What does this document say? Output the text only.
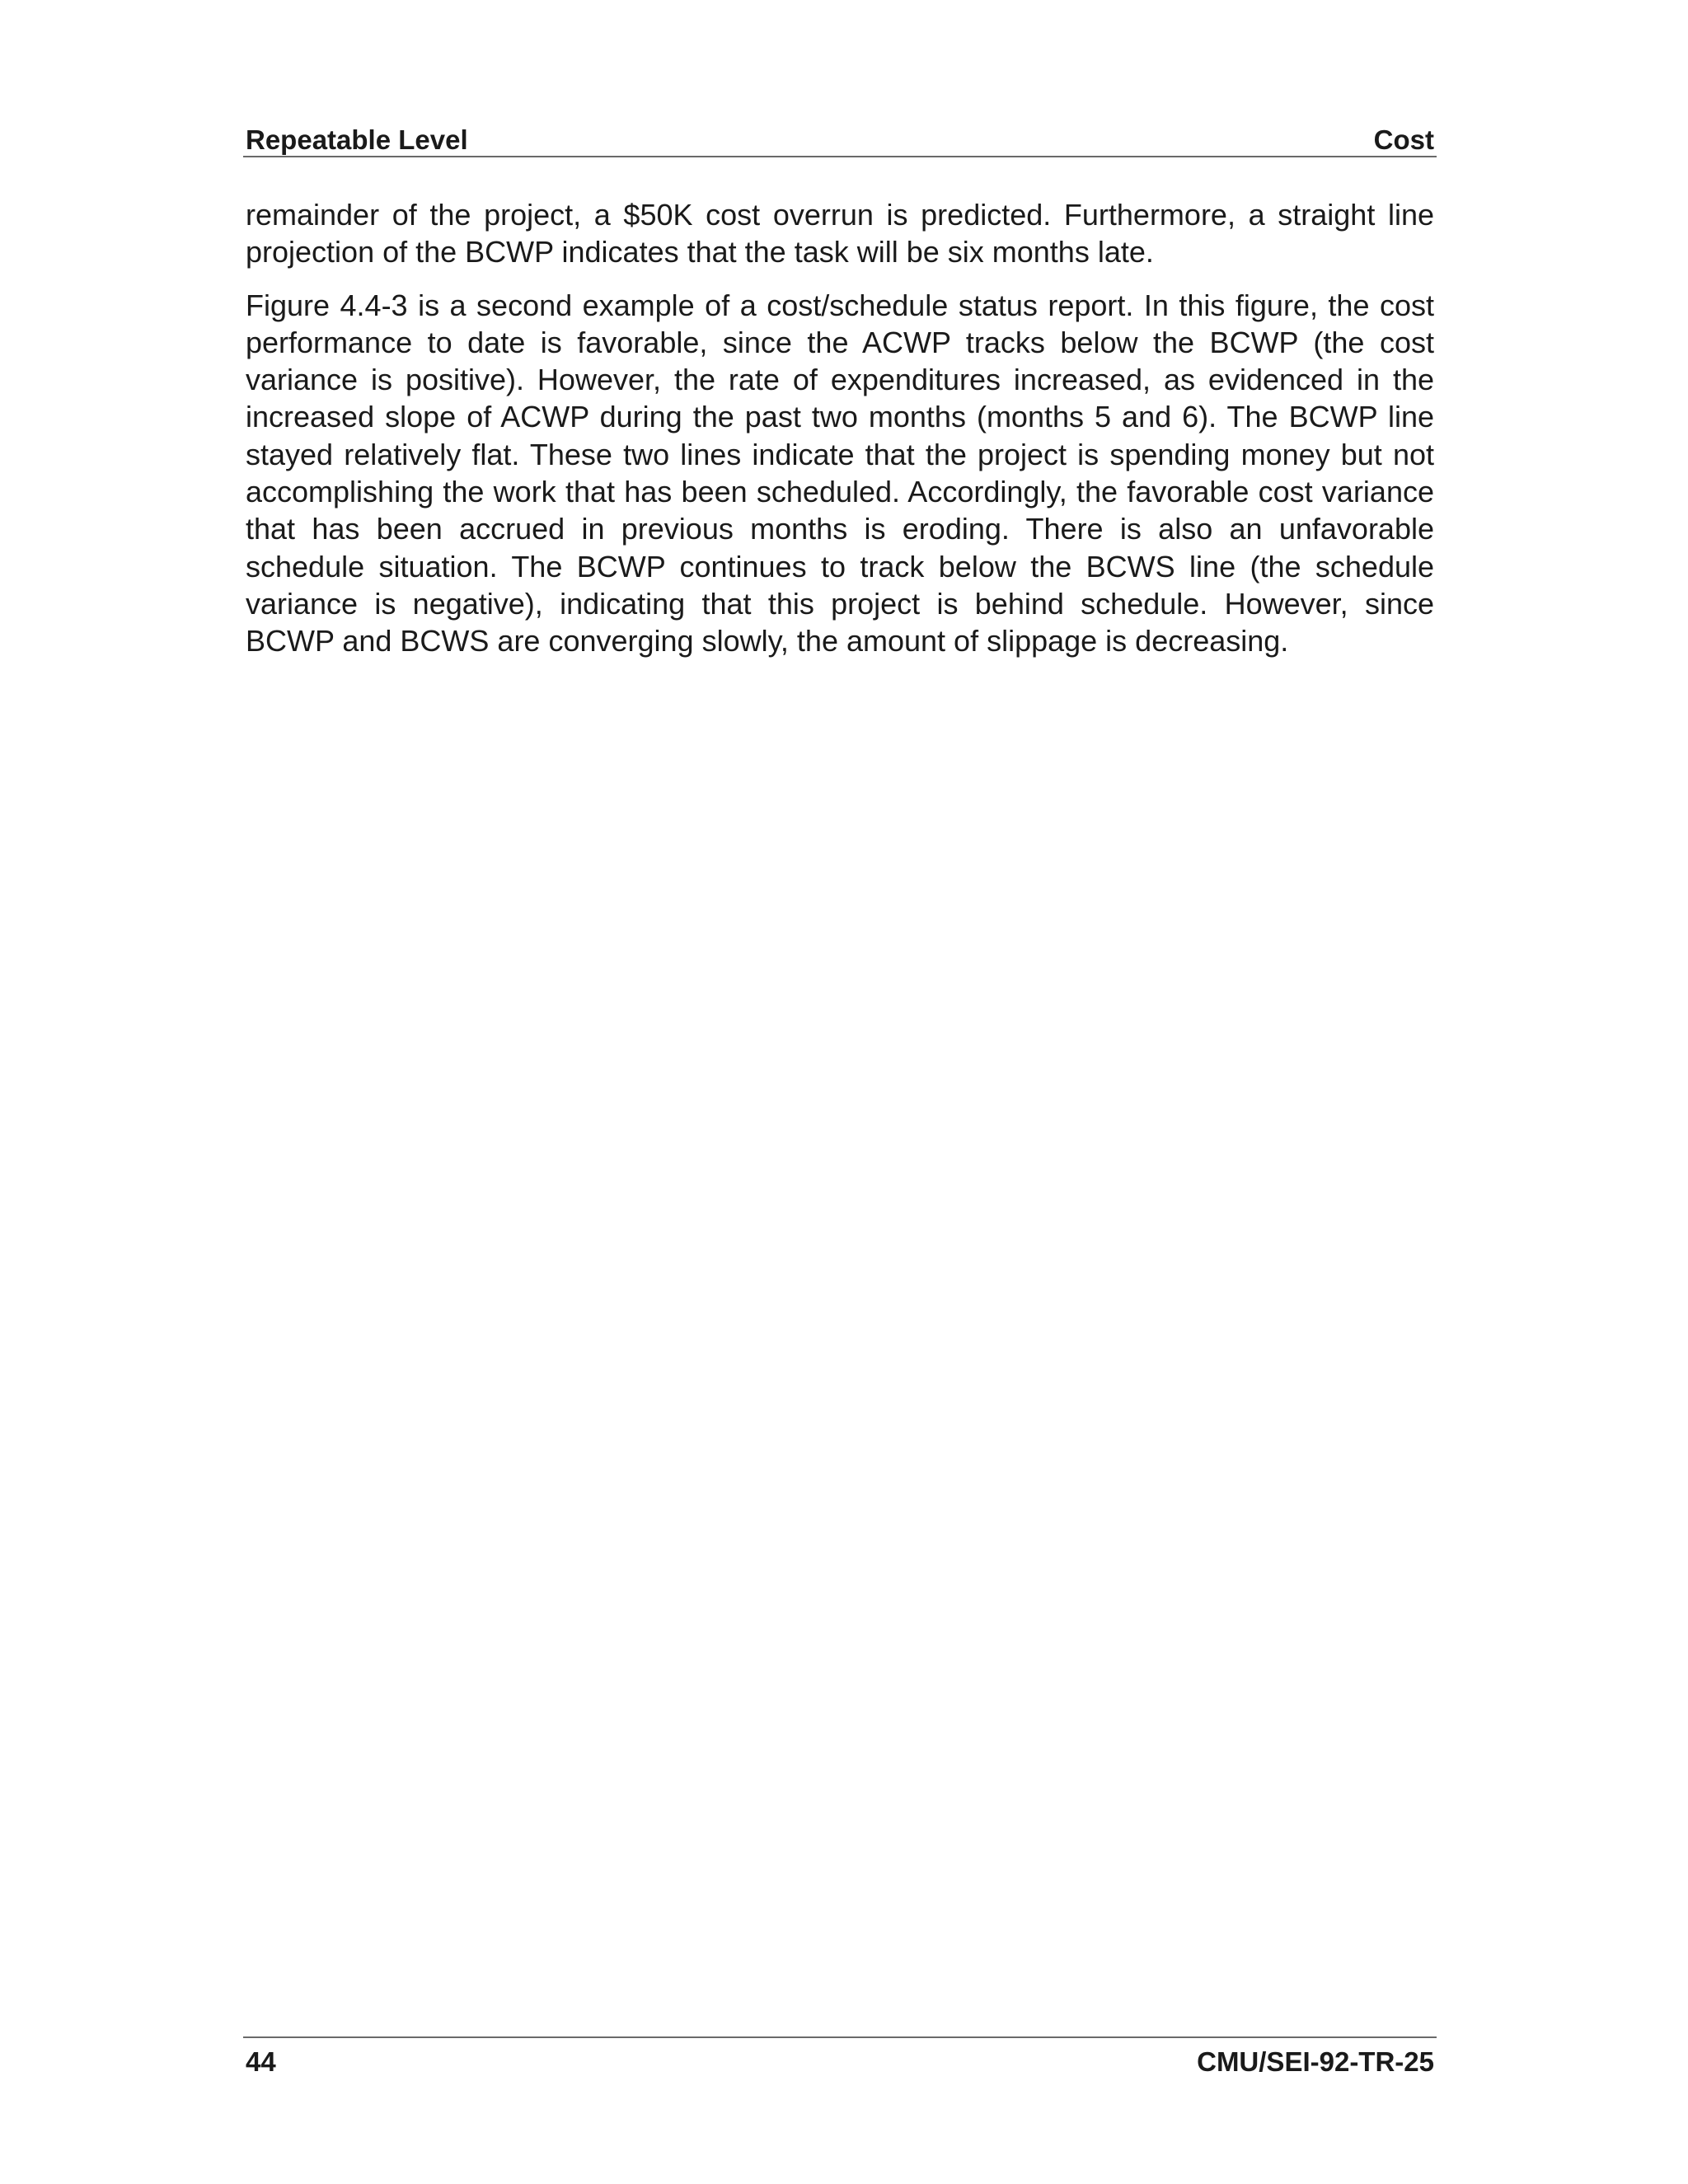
Repeatable Level	Cost

remainder of the project, a $50K cost overrun is predicted. Furthermore, a straight line projection of the BCWP indicates that the task will be six months late.

Figure 4.4-3 is a second example of a cost/schedule status report. In this figure, the cost performance to date is favorable, since the ACWP tracks below the BCWP (the cost variance is positive). However, the rate of expenditures increased, as evidenced in the increased slope of ACWP during the past two months (months 5 and 6). The BCWP line stayed relatively flat. These two lines indicate that the project is spending money but not accomplishing the work that has been scheduled. Accordingly, the favorable cost variance that has been accrued in previous months is eroding. There is also an unfavorable schedule situation. The BCWP continues to track below the BCWS line (the schedule variance is negative), indicating that this project is behind schedule. However, since BCWP and BCWS are converging slowly, the amount of slippage is decreasing.

44	CMU/SEI-92-TR-25
